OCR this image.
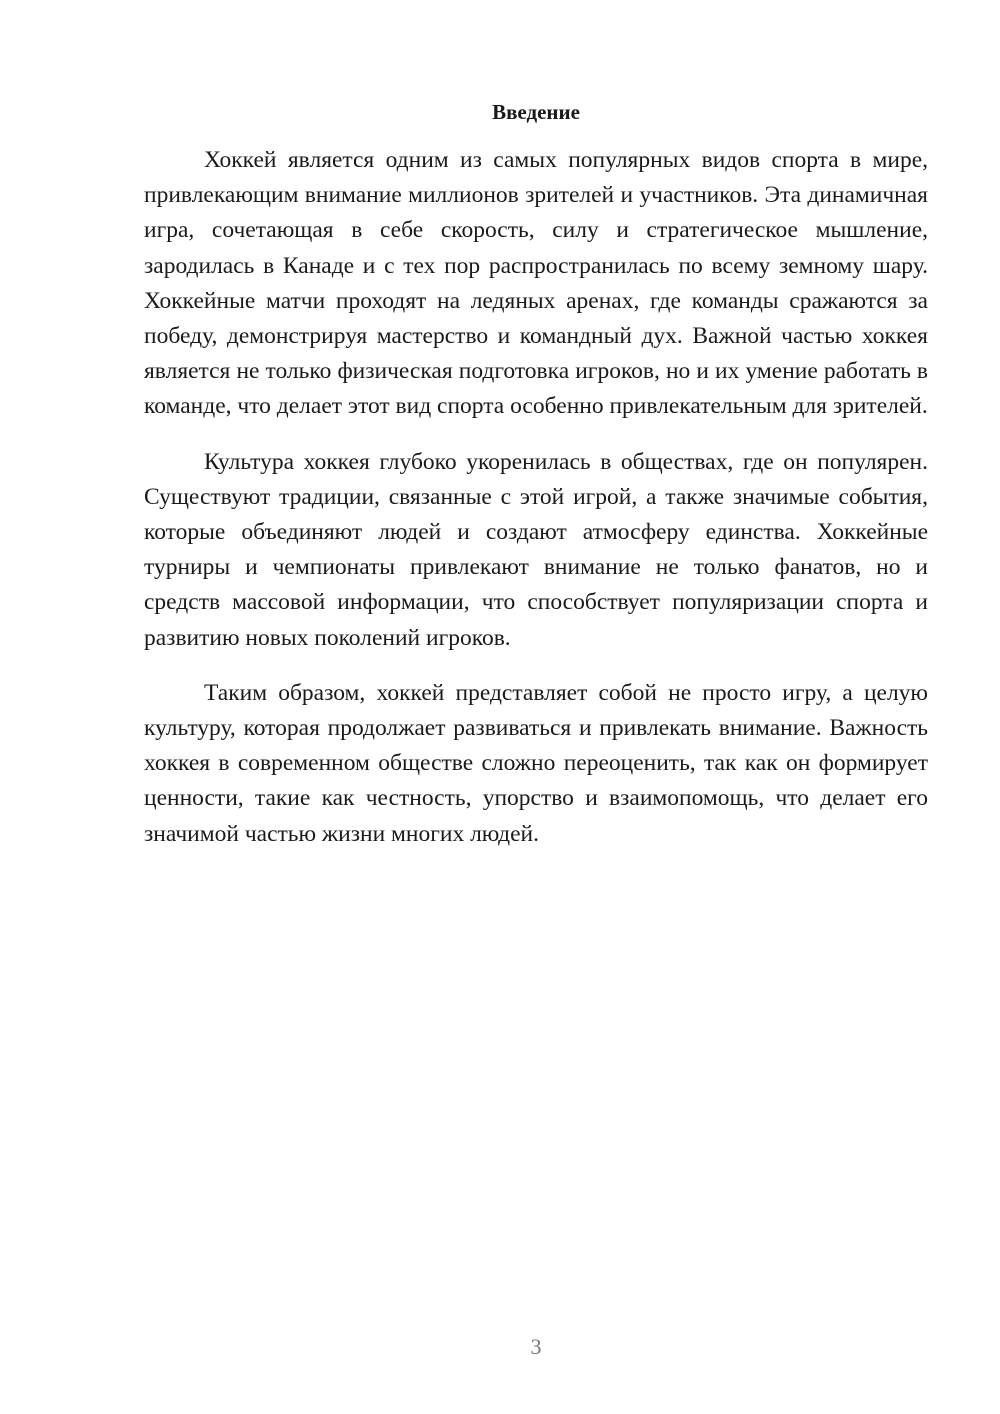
Введение

Хоккей является одним из самых популярных видов спорта в мире, привлекающим внимание миллионов зрителей и участников. Эта динамичная игра, сочетающая в себе скорость, силу и стратегическое мышление, зародилась в Канаде и с тех пор распространилась по всему земному шару. Хоккейные матчи проходят на ледяных аренах, где команды сражаются за победу, демонстрируя мастерство и командный дух. Важной частью хоккея является не только физическая подготовка игроков, но и их умение работать в команде, что делает этот вид спорта особенно привлекательным для зрителей.

Культура хоккея глубоко укоренилась в обществах, где он популярен. Существуют традиции, связанные с этой игрой, а также значимые события, которые объединяют людей и создают атмосферу единства. Хоккейные турниры и чемпионаты привлекают внимание не только фанатов, но и средств массовой информации, что способствует популяризации спорта и развитию новых поколений игроков.

Таким образом, хоккей представляет собой не просто игру, а целую культуру, которая продолжает развиваться и привлекать внимание. Важность хоккея в современном обществе сложно переоценить, так как он формирует ценности, такие как честность, упорство и взаимопомощь, что делает его значимой частью жизни многих людей.

3
